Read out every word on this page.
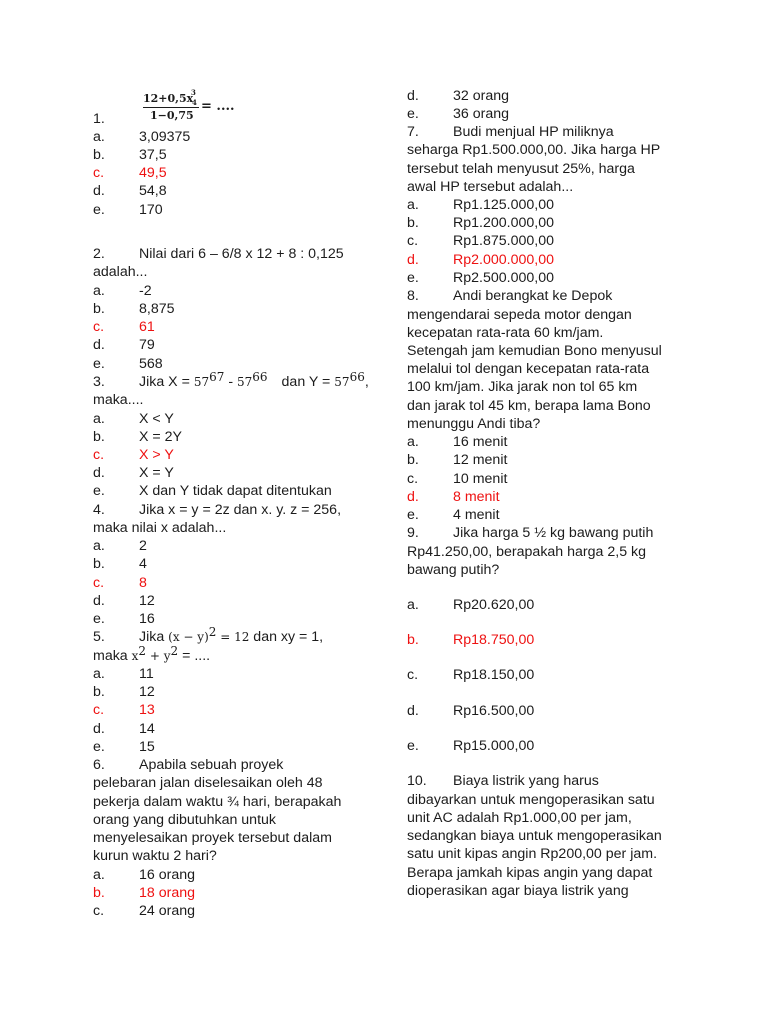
12+0,5x
3
4
1−0,75
= ....
1.
a. 3,09375
b. 37,5
c. 49,5
d. 54,8
e. 170
2. Nilai dari 6 – 6/8 x 12 + 8 : 0,125
adalah...
a. -2
b. 8,875
c. 61
d. 79
e. 568
3. Jika $X = 57^{67} - 57^{66}$ dan $Y = 57^{66}$,
maka....
a. X < Y
b. X = 2Y
c. X > Y
d. X = Y
e. X dan Y tidak dapat ditentukan
4. Jika x = y = 2z dan x. y. z = 256,
maka nilai x adalah...
a. 2
b. 4
c. 8
d. 12
e. 16
5. Jika $(x - y)^2 = 12$ dan xy = 1,
maka $x^2 + y^2$ = ....
a. 11
b. 12
c. 13
d. 14
e. 15
6. Apabila sebuah proyek
pelebaran jalan diselesaikan oleh 48
pekerja dalam waktu ¾ hari, berapakah
orang yang dibutuhkan untuk
menyelesaikan proyek tersebut dalam
kurun waktu 2 hari?
a. 16 orang
b. 18 orang
c. 24 orang
d. 32 orang
e. 36 orang
7. Budi menjual HP miliknya
seharga Rp1.500.000,00. Jika harga HP
tersebut telah menyusut 25%, harga
awal HP tersebut adalah...
a. Rp1.125.000,00
b. Rp1.200.000,00
c. Rp1.875.000,00
d. Rp2.000.000,00
e. Rp2.500.000,00
8. Andi berangkat ke Depok
mengendarai sepeda motor dengan
kecepatan rata-rata 60 km/jam.
Setengah jam kemudian Bono menyusul
melalui tol dengan kecepatan rata-rata
100 km/jam. Jika jarak non tol 65 km
dan jarak tol 45 km, berapa lama Bono
menunggu Andi tiba?
a. 16 menit
b. 12 menit
c. 10 menit
d. 8 menit
e. 4 menit
9. Jika harga 5 ½ kg bawang putih
Rp41.250,00, berapakah harga 2,5 kg
bawang putih?
a. Rp20.620,00
b. Rp18.750,00
c. Rp18.150,00
d. Rp16.500,00
e. Rp15.000,00
10. Biaya listrik yang harus
dibayarkan untuk mengoperasikan satu
unit AC adalah Rp1.000,00 per jam,
sedangkan biaya untuk mengoperasikan
satu unit kipas angin Rp200,00 per jam.
Berapa jamkah kipas angin yang dapat
dioperasikan agar biaya listrik yang
